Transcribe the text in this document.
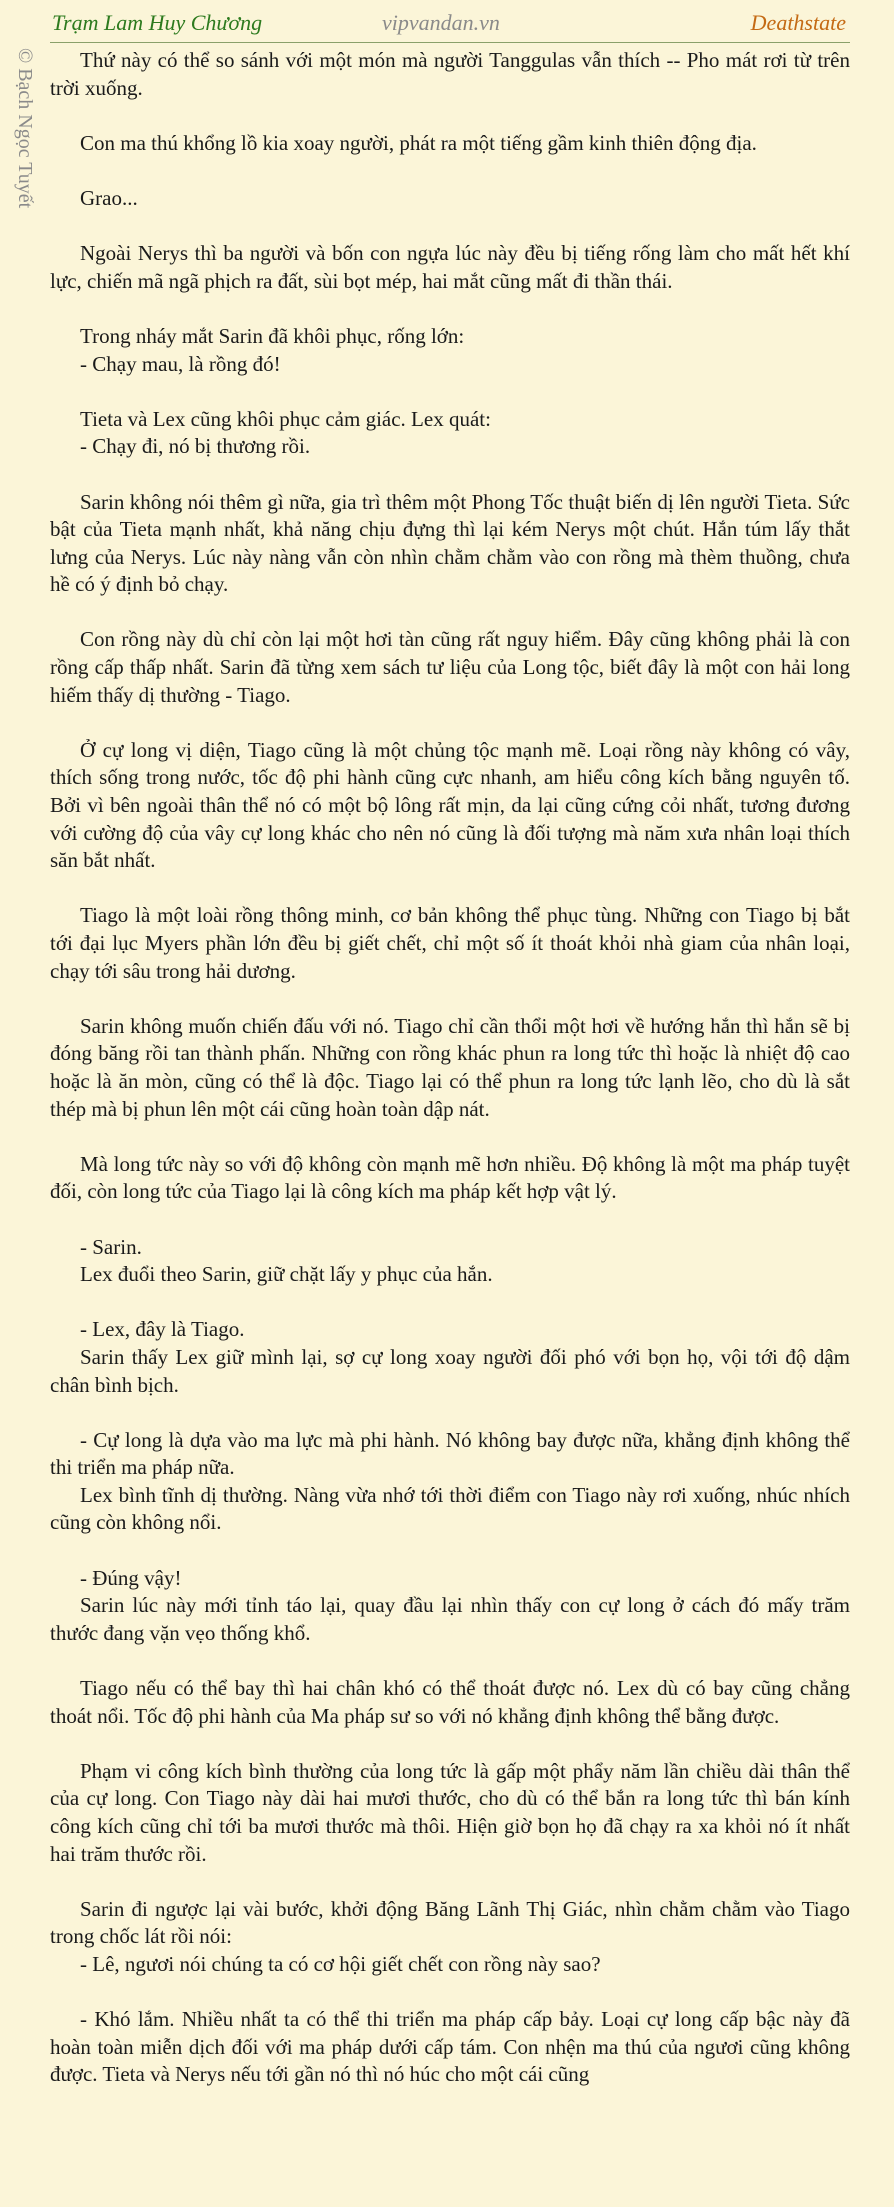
Trạm Lam Huy Chương	vipvandan.vn	Deathstate
© Bạch Ngọc Tuyết	Thứ này có thể so sánh với một món mà người Tanggulas vẫn thích -- Pho mát rơi từ trên trời xuống.

Con ma thú khổng lồ kia xoay người, phát ra một tiếng gầm kinh thiên động địa.

Grao...

Ngoài Nerys thì ba người và bốn con ngựa lúc này đều bị tiếng rống làm cho mất hết khí lực, chiến mã ngã phịch ra đất, sùi bọt mép, hai mắt cũng mất đi thần thái.

Trong nháy mắt Sarin đã khôi phục, rống lớn:
- Chạy mau, là rồng đó!

Tieta và Lex cũng khôi phục cảm giác. Lex quát:
- Chạy đi, nó bị thương rồi.

Sarin không nói thêm gì nữa, gia trì thêm một Phong Tốc thuật biến dị lên người Tieta. Sức bật của Tieta mạnh nhất, khả năng chịu đựng thì lại kém Nerys một chút. Hắn túm lấy thắt lưng của Nerys. Lúc này nàng vẫn còn nhìn chằm chằm vào con rồng mà thèm thuồng, chưa hề có ý định bỏ chạy.

Con rồng này dù chỉ còn lại một hơi tàn cũng rất nguy hiểm. Đây cũng không phải là con rồng cấp thấp nhất. Sarin đã từng xem sách tư liệu của Long tộc, biết đây là một con hải long hiếm thấy dị thường - Tiago.

Ở cự long vị diện, Tiago cũng là một chủng tộc mạnh mẽ. Loại rồng này không có vây, thích sống trong nước, tốc độ phi hành cũng cực nhanh, am hiểu công kích bằng nguyên tố. Bởi vì bên ngoài thân thể nó có một bộ lông rất mịn, da lại cũng cứng cỏi nhất, tương đương với cường độ của vây cự long khác cho nên nó cũng là đối tượng mà năm xưa nhân loại thích săn bắt nhất.

Tiago là một loài rồng thông minh, cơ bản không thể phục tùng. Những con Tiago bị bắt tới đại lục Myers phần lớn đều bị giết chết, chỉ một số ít thoát khỏi nhà giam của nhân loại, chạy tới sâu trong hải dương.

Sarin không muốn chiến đấu với nó. Tiago chỉ cần thổi một hơi về hướng hắn thì hắn sẽ bị đóng băng rồi tan thành phấn. Những con rồng khác phun ra long tức thì hoặc là nhiệt độ cao hoặc là ăn mòn, cũng có thể là độc. Tiago lại có thể phun ra long tức lạnh lẽo, cho dù là sắt thép mà bị phun lên một cái cũng hoàn toàn dập nát.

Mà long tức này so với độ không còn mạnh mẽ hơn nhiều. Độ không là một ma pháp tuyệt đối, còn long tức của Tiago lại là công kích ma pháp kết hợp vật lý.

- Sarin.
Lex đuổi theo Sarin, giữ chặt lấy y phục của hắn.

- Lex, đây là Tiago.
Sarin thấy Lex giữ mình lại, sợ cự long xoay người đối phó với bọn họ, vội tới độ dậm chân bình bịch.

- Cự long là dựa vào ma lực mà phi hành. Nó không bay được nữa, khẳng định không thể thi triển ma pháp nữa.
Lex bình tĩnh dị thường. Nàng vừa nhớ tới thời điểm con Tiago này rơi xuống, nhúc nhích cũng còn không nổi.

- Đúng vậy!
Sarin lúc này mới tỉnh táo lại, quay đầu lại nhìn thấy con cự long ở cách đó mấy trăm thước đang vặn vẹo thống khổ.

Tiago nếu có thể bay thì hai chân khó có thể thoát được nó. Lex dù có bay cũng chẳng thoát nổi. Tốc độ phi hành của Ma pháp sư so với nó khẳng định không thể bằng được.

Phạm vi công kích bình thường của long tức là gấp một phẩy năm lần chiều dài thân thể của cự long. Con Tiago này dài hai mươi thước, cho dù có thể bắn ra long tức thì bán kính công kích cũng chỉ tới ba mươi thước mà thôi. Hiện giờ bọn họ đã chạy ra xa khỏi nó ít nhất hai trăm thước rồi.

Sarin đi ngược lại vài bước, khởi động Băng Lãnh Thị Giác, nhìn chằm chằm vào Tiago trong chốc lát rồi nói:
- Lê, ngươi nói chúng ta có cơ hội giết chết con rồng này sao?

- Khó lắm. Nhiều nhất ta có thể thi triển ma pháp cấp bảy. Loại cự long cấp bậc này đã hoàn toàn miễn dịch đối với ma pháp dưới cấp tám. Con nhện ma thú của ngươi cũng không được. Tieta và Nerys nếu tới gần nó thì nó húc cho một cái cũng
